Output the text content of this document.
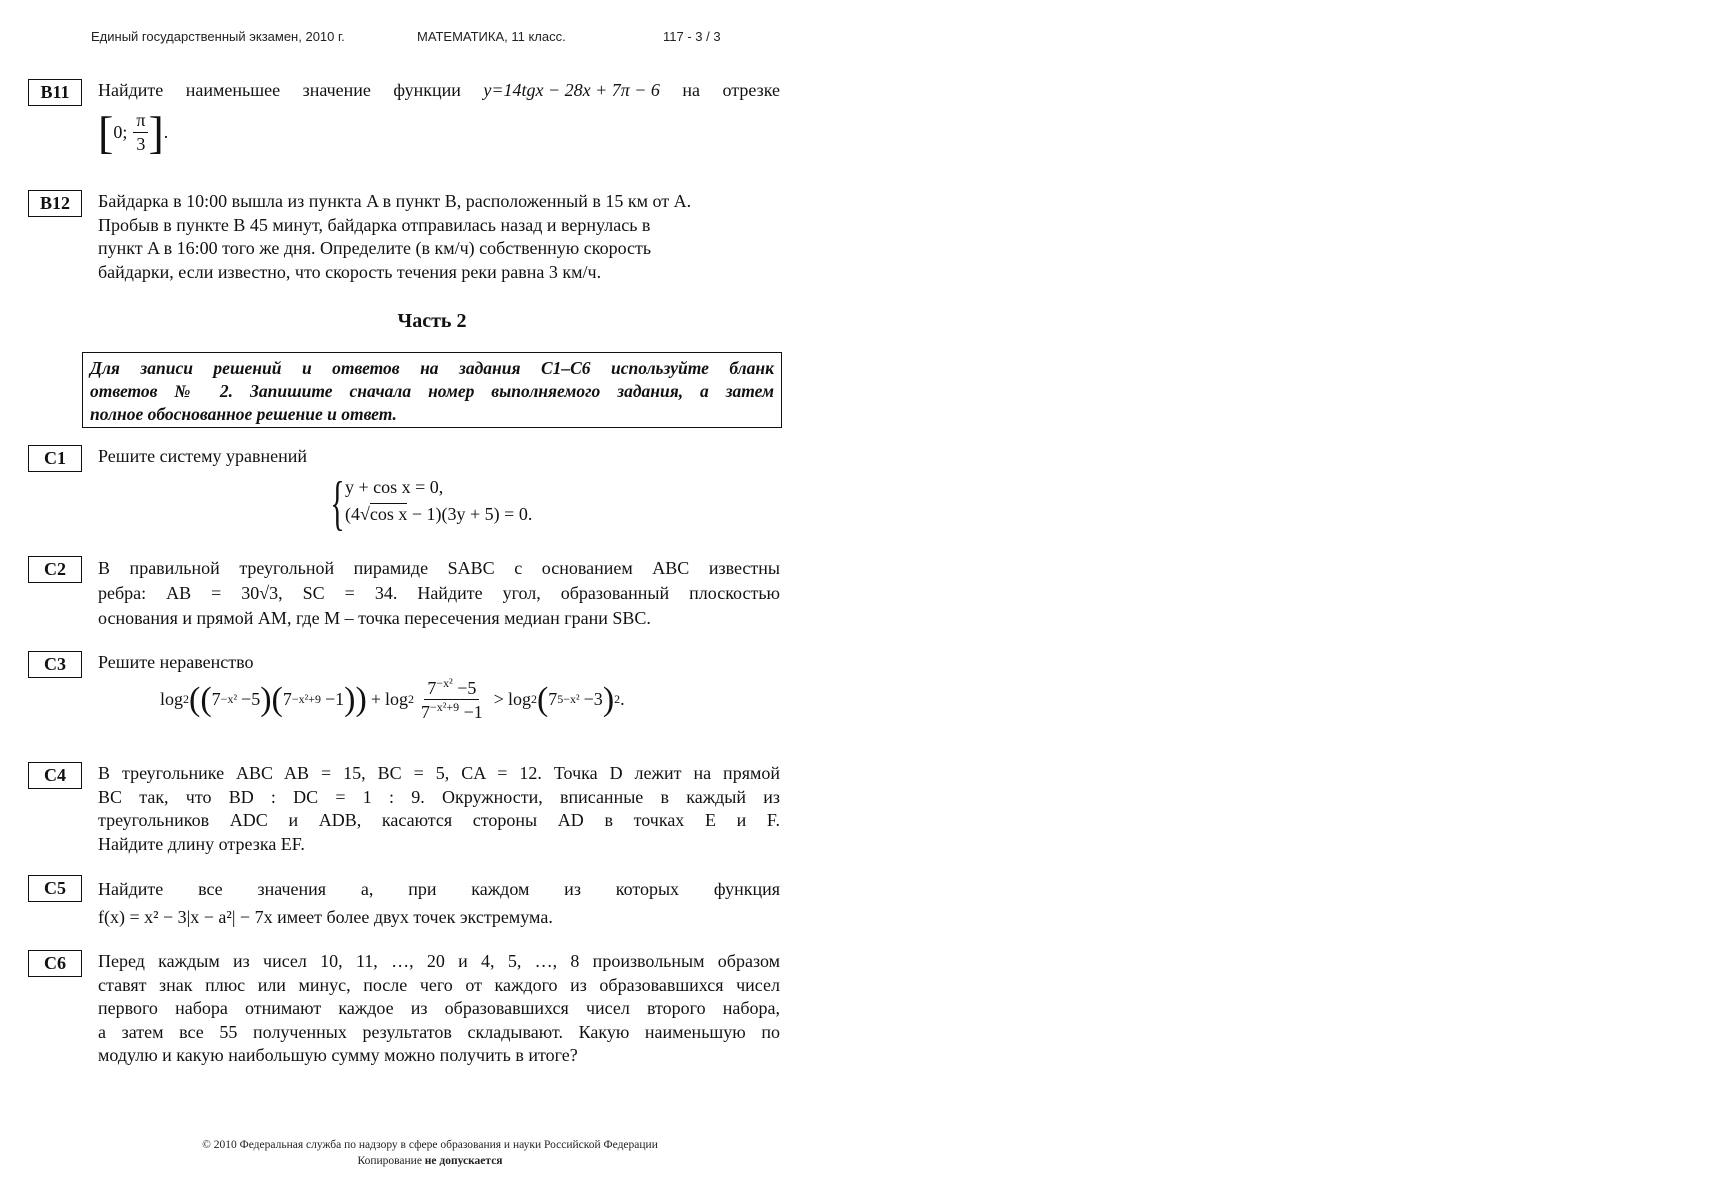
Единый государственный экзамен, 2010 г.	МАТЕМАТИКА, 11 класс.	117 - 3 / 3
B11	Найдите наименьшее значение функции y=14tgx − 28x + 7π − 6 на отрезке
[ 0; $\frac{\pi}{3}$ ] .
B12	Байдарка в 10:00 вышла из пункта A в пункт B, расположенный в 15 км от A.
Пробыв в пункте B 45 минут, байдарка отправилась назад и вернулась в
пункт A в 16:00 того же дня. Определите (в км/ч) собственную скорость
байдарки, если известно, что скорость течения реки равна 3 км/ч.
Часть 2
Для записи решений и ответов на задания С1–С6 используйте бланк
ответов № 2. Запишите сначала номер выполняемого задания, а затем
полное обоснованное решение и ответ.
C1	Решите систему уравнений
{ y + cos x = 0,
(4√cos x − 1)(3y + 5) = 0.
C2	В правильной треугольной пирамиде SABC с основанием ABC известны
ребра: AB = 30√3, SC = 34. Найдите угол, образованный плоскостью
основания и прямой AM, где M – точка пересечения медиан грани SBC.
C3	Решите неравенство
log 2 (( 7 −x² −5 )( 7 −x²+9 −1 )) + $\log 2 \frac{7^{-x^2} -5}{7^{-x^2+9} -1} > \log 2$ ( 7 5−x² −3 ) 2 .
C4	В треугольнике ABC AB = 15, BC = 5, CA = 12. Точка D лежит на прямой
BC так, что BD : DC = 1 : 9. Окружности, вписанные в каждый из
треугольников ADC и ADB, касаются стороны AD в точках E и F.
Найдите длину отрезка EF.
C5	Найдите все значения a, при каждом из которых функция
f(x) = x² − 3|x − a²| − 7x имеет более двух точек экстремума.
C6	Перед каждым из чисел 10, 11, …, 20 и 4, 5, …, 8 произвольным образом
ставят знак плюс или минус, после чего от каждого из образовавшихся чисел
первого набора отнимают каждое из образовавшихся чисел второго набора,
а затем все 55 полученных результатов складывают. Какую наименьшую по
модулю и какую наибольшую сумму можно получить в итоге?
© 2010 Федеральная служба по надзору в сфере образования и науки Российской Федерации
Копирование не допускается
